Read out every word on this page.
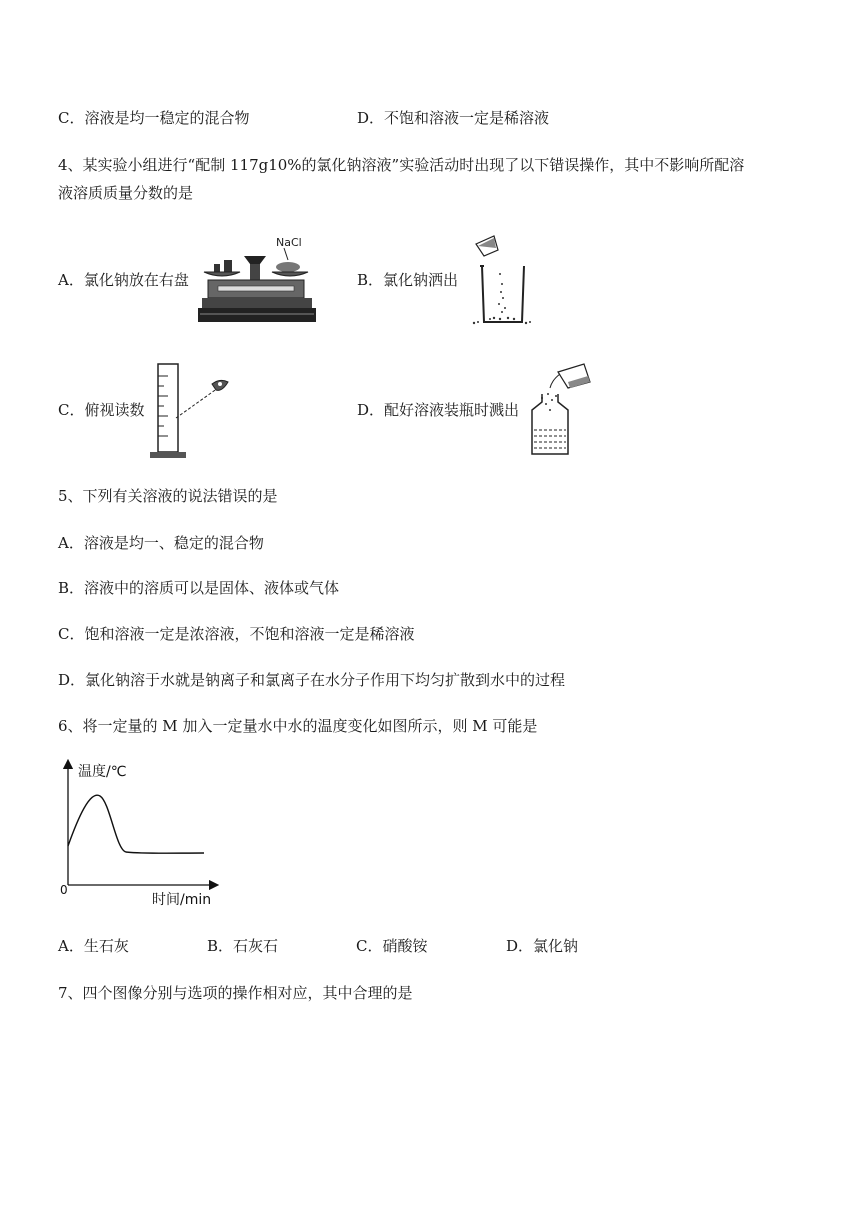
C．溶液是均一稳定的混合物	D．不饱和溶液一定是稀溶液
4、某实验小组进行“配制 117g10%的氯化钠溶液”实验活动时出现了以下错误操作，其中不影响所配溶
液溶质质量分数的是
A．氯化钠放在右盘
NaCl
B．氯化钠洒出
C．俯视读数	D．配好溶液装瓶时溅出
5、下列有关溶液的说法错误的是
A．溶液是均一、稳定的混合物
B．溶液中的溶质可以是固体、液体或气体
C．饱和溶液一定是浓溶液，不饱和溶液一定是稀溶液
D．氯化钠溶于水就是钠离子和氯离子在水分子作用下均匀扩散到水中的过程
6、将一定量的 M 加入一定量水中水的温度变化如图所示，则 M 可能是
温度/℃
时间/min
0
A．生石灰	B．石灰石	C．硝酸铵	D．氯化钠
7、四个图像分别与选项的操作相对应，其中合理的是
